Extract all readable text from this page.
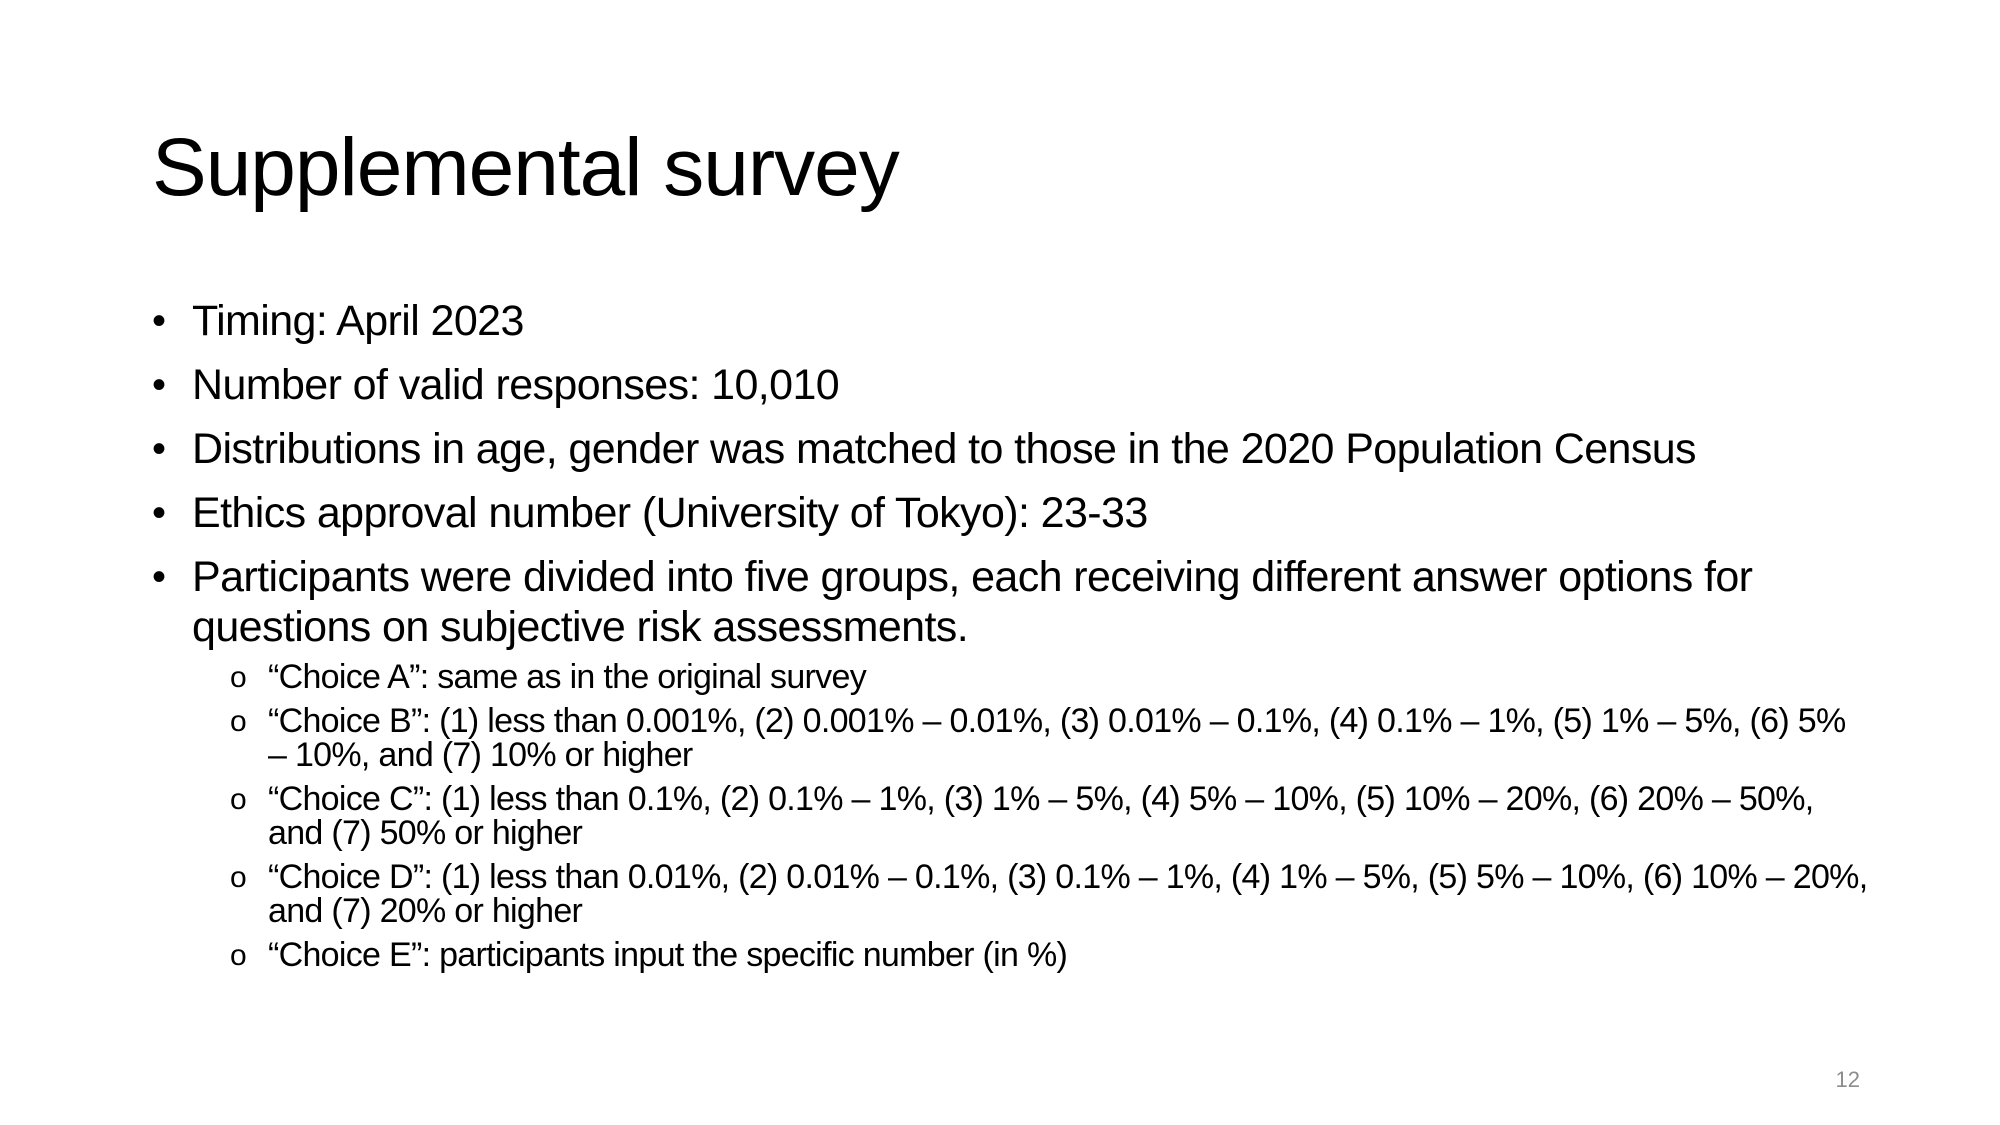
Supplemental survey
• Timing: April 2023
• Number of valid responses: 10,010
• Distributions in age, gender was matched to those in the 2020 Population Census
• Ethics approval number (University of Tokyo): 23-33
• Participants were divided into five groups, each receiving different answer options for questions on subjective risk assessments.
o “Choice A”: same as in the original survey
o “Choice B”: (1) less than 0.001%, (2) 0.001% – 0.01%, (3) 0.01% – 0.1%, (4) 0.1% – 1%, (5) 1% – 5%, (6) 5% – 10%, and (7) 10% or higher
o “Choice C”: (1) less than 0.1%, (2) 0.1% – 1%, (3) 1% – 5%, (4) 5% – 10%, (5) 10% – 20%, (6) 20% – 50%, and (7) 50% or higher
o “Choice D”: (1) less than 0.01%, (2) 0.01% – 0.1%, (3) 0.1% – 1%, (4) 1% – 5%, (5) 5% – 10%, (6) 10% – 20%, and (7) 20% or higher
o “Choice E”: participants input the specific number (in %)
12
